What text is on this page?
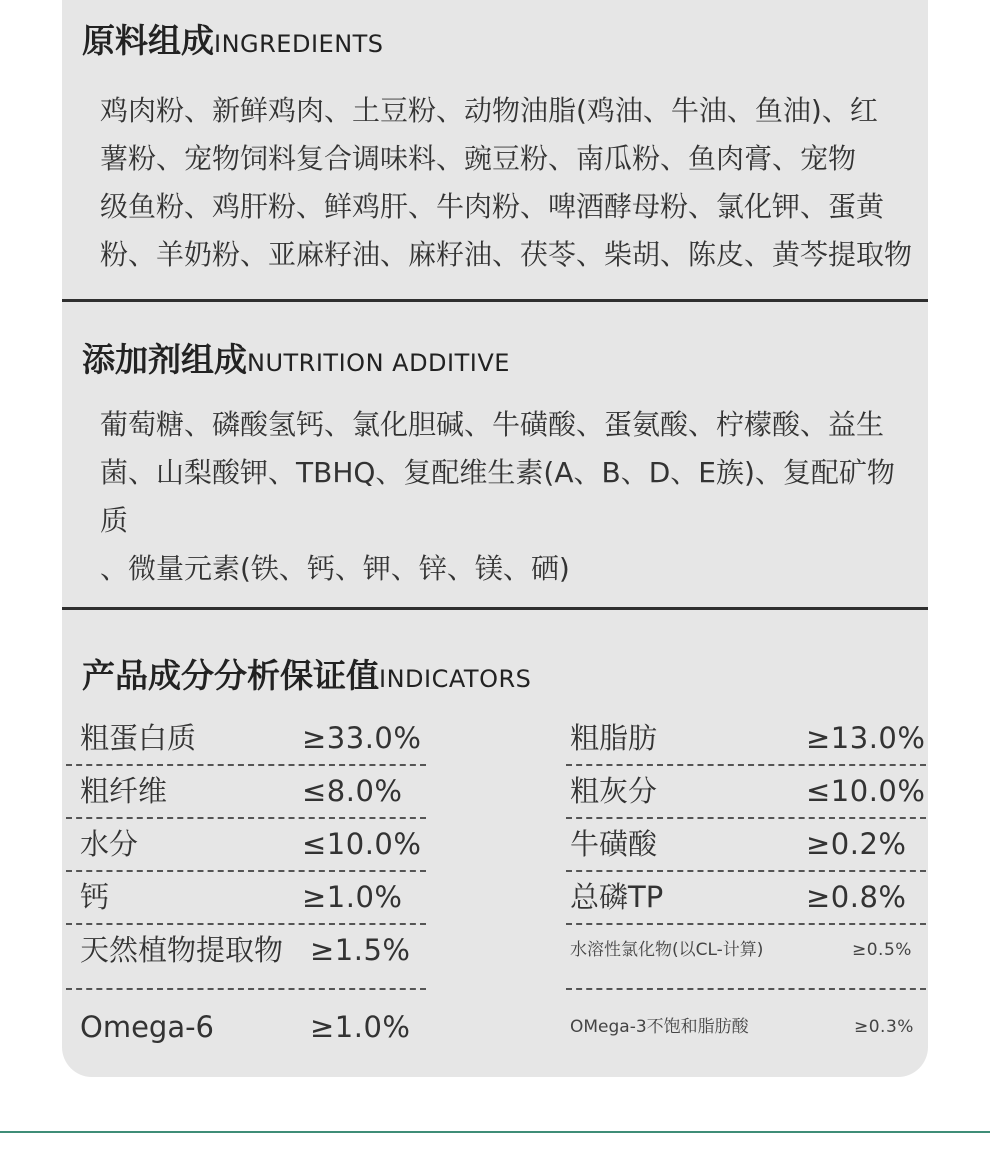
原料组成INGREDIENTS
鸡肉粉、新鲜鸡肉、土豆粉、动物油脂(鸡油、牛油、鱼油)、红
薯粉、宠物饲料复合调味料、豌豆粉、南瓜粉、鱼肉膏、宠物
级鱼粉、鸡肝粉、鲜鸡肝、牛肉粉、啤酒酵母粉、氯化钾、蛋黄
粉、羊奶粉、亚麻籽油、麻籽油、茯苓、柴胡、陈皮、黄芩提取物
添加剂组成NUTRITION ADDITIVE
葡萄糖、磷酸氢钙、氯化胆碱、牛磺酸、蛋氨酸、柠檬酸、益生
菌、山梨酸钾、TBHQ、复配维生素(A、B、D、E族)、复配矿物质
、微量元素(铁、钙、钾、锌、镁、硒)
产品成分分析保证值INDICATORS
粗蛋白质	≥33.0%
粗纤维	≤8.0%
水分	≤10.0%
钙	≥1.0%
天然植物提取物 ≥1.5%
Omega-6	≥1.0%
粗脂肪	≥13.0%
粗灰分	≤10.0%
牛磺酸	≥0.2%
总磷TP	≥0.8%
水溶性氯化物(以CL-计算)	≥0.5%
OMega-3不饱和脂肪酸	≥0.3%
